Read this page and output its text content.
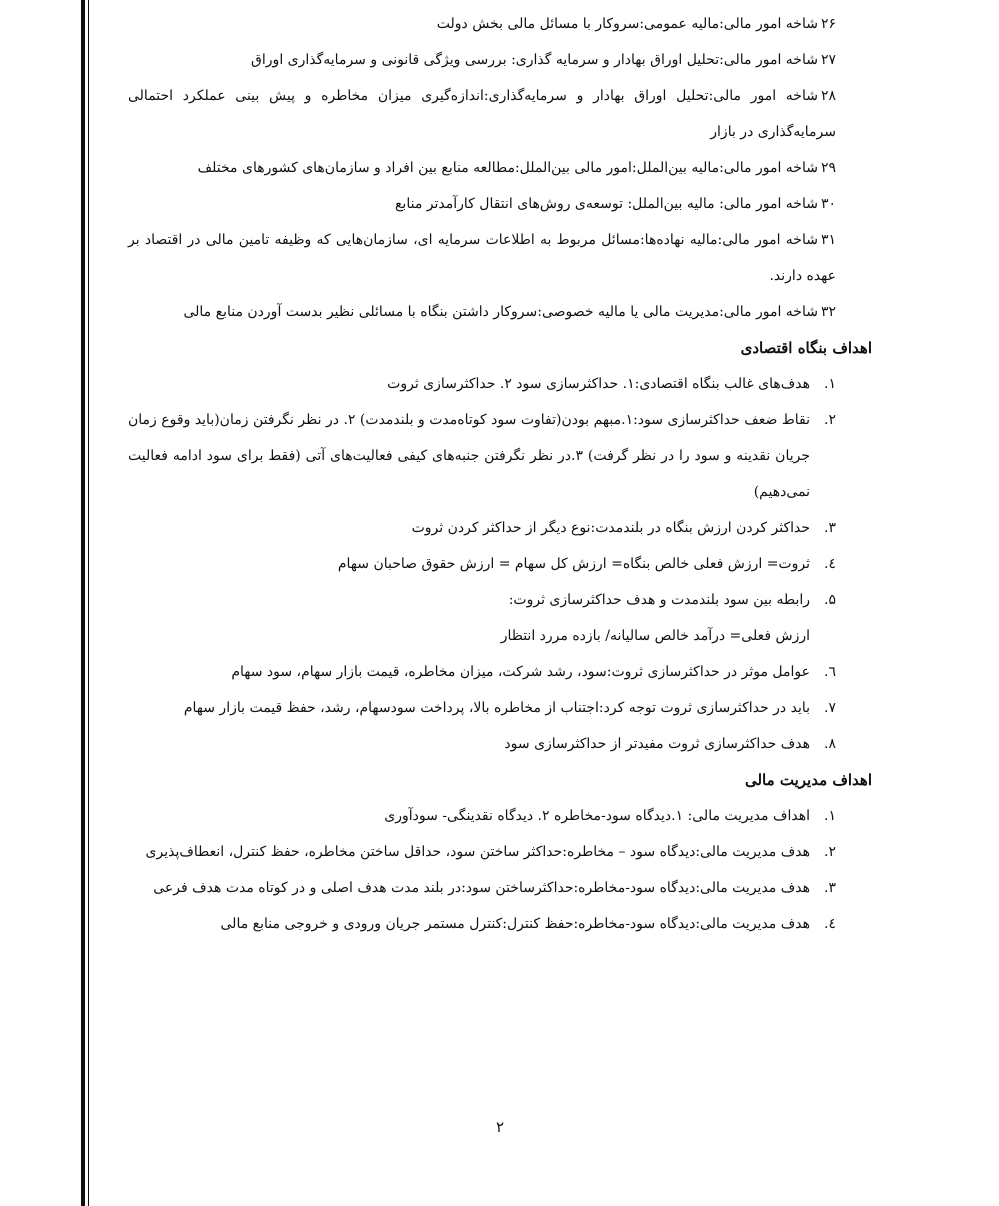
۲۶شاخه امور مالی:مالیه عمومی:سروکار با مسائل مالی بخش دولت

۲۷شاخه امور مالی:تحلیل اوراق بهادار و سرمایه گذاری: بررسی ویژگی قانونی و سرمایه‌گذاری اوراق

۲۸شاخه امور مالی:تحلیل اوراق بهادار و سرمایه‌گذاری:اندازه‌گیری میزان مخاطره و پیش بینی عملکرد احتمالی سرمایه‌گذاری در بازار

۲۹شاخه امور مالی:مالیه بین‌الملل:امور مالی بین‌الملل:مطالعه منابع بین افراد و سازمان‌های کشورهای مختلف

۳۰شاخه امور مالی: مالیه بین‌الملل: توسعه‌ی روش‌های انتقال کارآمدتر منابع

۳۱شاخه امور مالی:مالیه نهاده‌ها:مسائل مربوط به اطلاعات سرمایه ای، سازمان‌هایی که وظیفه تامین مالی در اقتصاد بر عهده دارند.

۳۲شاخه امور مالی:مدیریت مالی یا مالیه خصوصی:سروکار داشتن بنگاه با مسائلی نظیر بدست آوردن منابع مالی

اهداف بنگاه اقتصادی

۱.
هدف‌های غالب بنگاه اقتصادی:۱. حداکثرسازی سود ۲. حداکثرسازی ثروت

۲.
نقاط ضعف حداکثرسازی سود:۱.مبهم بودن(تفاوت سود کوتاه‌مدت و بلندمدت) ۲. در نظر نگرفتن زمان(باید وقوع زمان جریان نقدینه و سود را در نظر گرفت) ۳.در نظر نگرفتن جنبه‌های کیفی فعالیت‌های آتی (فقط برای سود ادامه فعالیت نمی‌دهیم)

۳.
حداکثر کردن ارزش بنگاه در بلندمدت:نوع دیگر از حداکثر کردن ثروت

٤.
ثروت= ارزش فعلی خالص بنگاه= ارزش کل سهام = ارزش حقوق صاحبان سهام

۵.
رابطه بین سود بلندمدت و هدف حداکثرسازی ثروت:

ارزش فعلی= درآمد خالص سالیانه/ بازده مررد انتظار

٦.
عوامل موثر در حداکثرسازی ثروت:سود، رشد شرکت، میزان مخاطره، قیمت بازار سهام، سود سهام

۷.
باید در حداکثرسازی ثروت توجه کرد:اجتناب از مخاطره بالا، پرداخت سودسهام، رشد، حفظ قیمت بازار سهام

۸.
هدف حداکثرسازی ثروت مفیدتر از حداکثرسازی سود

اهداف مدیریت مالی

۱.
اهداف مدیریت مالی: ۱.دیدگاه سود-مخاطره ۲. دیدگاه نقدینگی- سودآوری

۲.
هدف مدیریت مالی:دیدگاه سود – مخاطره:حداکثر ساختن سود، حداقل ساختن مخاطره، حفظ کنترل، انعطاف‌پذیری

۳.
هدف مدیریت مالی:دیدگاه سود-مخاطره:حداکثرساختن سود:در بلند مدت هدف اصلی و در کوتاه مدت هدف فرعی

٤.
هدف مدیریت مالی:دیدگاه سود-مخاطره:حفظ کنترل:کنترل مستمر جریان ورودی و خروجی منابع مالی

۲
